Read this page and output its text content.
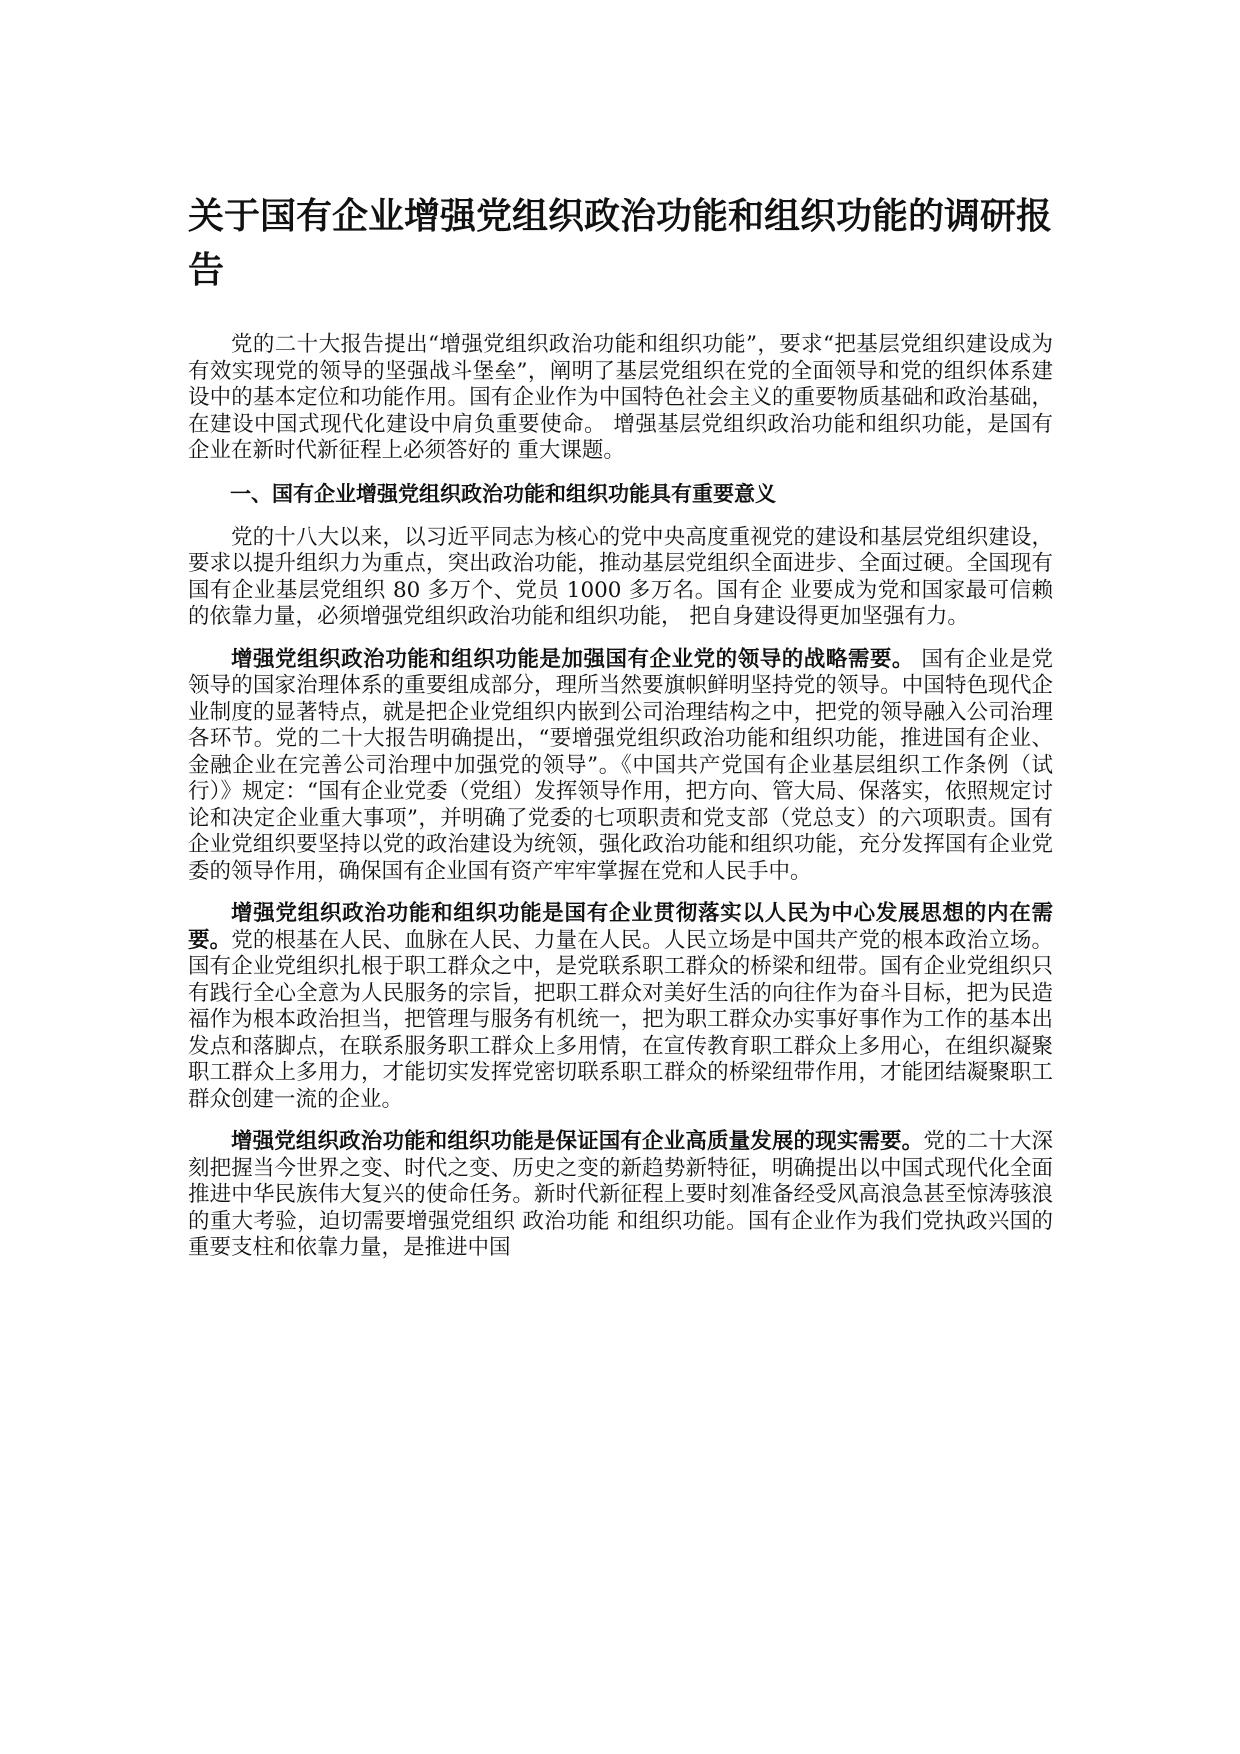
关于国有企业增强党组织政治功能和组织功能的调研报告

党的二十大报告提出“增强党组织政治功能和组织功能”，要求“把基层党组织建设成为有效实现党的领导的坚强战斗堡垒”，阐明了基层党组织在党的全面领导和党的组织体系建设中的基本定位和功能作用。国有企业作为中国特色社会主义的重要物质基础和政治基础，在建设中国式现代化建设中肩负重要使命。 增强基层党组织政治功能和组织功能，是国有企业在新时代新征程上必须答好的 重大课题。

一、国有企业增强党组织政治功能和组织功能具有重要意义

党的十八大以来，以习近平同志为核心的党中央高度重视党的建设和基层党组织建设，要求以提升组织力为重点，突出政治功能，推动基层党组织全面进步、全面过硬。全国现有国有企业基层党组织 80 多万个、党员 1000 多万名。国有企 业要成为党和国家最可信赖的依靠力量，必须增强党组织政治功能和组织功能， 把自身建设得更加坚强有力。

增强党组织政治功能和组织功能是加强国有企业党的领导的战略需要。 国有企业是党领导的国家治理体系的重要组成部分，理所当然要旗帜鲜明坚持党的领导。中国特色现代企业制度的显著特点，就是把企业党组织内嵌到公司治理结构之中，把党的领导融入公司治理各环节。党的二十大报告明确提出，“要增强党组织政治功能和组织功能，推进国有企业、金融企业在完善公司治理中加强党的领导”。《中国共产党国有企业基层组织工作条例（试行）》规定：“国有企业党委（党组）发挥领导作用，把方向、管大局、保落实，依照规定讨论和决定企业重大事项”，并明确了党委的七项职责和党支部（党总支）的六项职责。国有企业党组织要坚持以党的政治建设为统领，强化政治功能和组织功能，充分发挥国有企业党委的领导作用，确保国有企业国有资产牢牢掌握在党和人民手中。

增强党组织政治功能和组织功能是国有企业贯彻落实以人民为中心发展思想的内在需要。党的根基在人民、血脉在人民、力量在人民。人民立场是中国共产党的根本政治立场。国有企业党组织扎根于职工群众之中，是党联系职工群众的桥梁和纽带。国有企业党组织只有践行全心全意为人民服务的宗旨，把职工群众对美好生活的向往作为奋斗目标，把为民造福作为根本政治担当，把管理与服务有机统一，把为职工群众办实事好事作为工作的基本出发点和落脚点，在联系服务职工群众上多用情，在宣传教育职工群众上多用心，在组织凝聚职工群众上多用力，才能切实发挥党密切联系职工群众的桥梁纽带作用，才能团结凝聚职工群众创建一流的企业。

增强党组织政治功能和组织功能是保证国有企业高质量发展的现实需要。党的二十大深刻把握当今世界之变、时代之变、历史之变的新趋势新特征，明确提出以中国式现代化全面推进中华民族伟大复兴的使命任务。新时代新征程上要时刻准备经受风高浪急甚至惊涛骇浪的重大考验，迫切需要增强党组织 政治功能 和组织功能。国有企业作为我们党执政兴国的重要支柱和依靠力量，是推进中国
